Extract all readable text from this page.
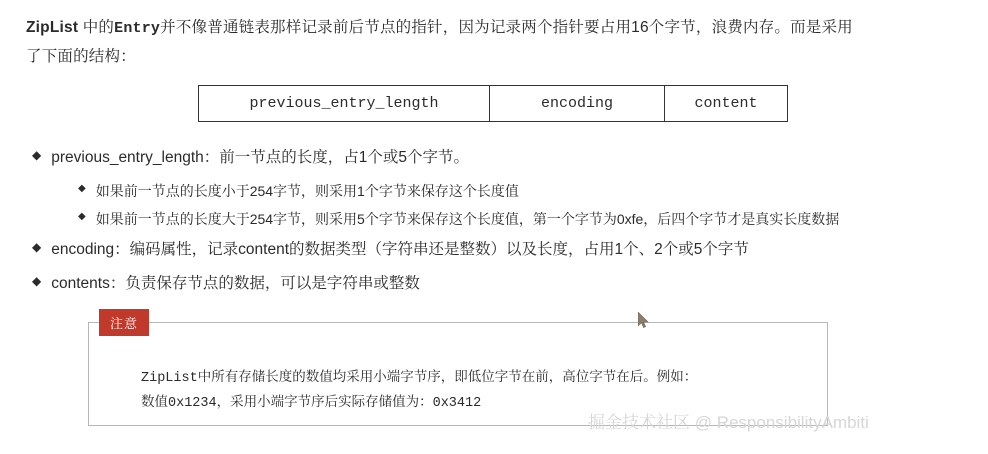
ZipList 中的Entry并不像普通链表那样记录前后节点的指针，因为记录两个指针要占用16个字节，浪费内存。而是采用
了下面的结构：
previous_entry_length	encoding	content
◆ previous_entry_length：前一节点的长度，占1个或5个字节。
◆ 如果前一节点的长度小于254字节，则采用1个字节来保存这个长度值
◆ 如果前一节点的长度大于254字节，则采用5个字节来保存这个长度值，第一个字节为0xfe，后四个字节才是真实长度数据
◆ encoding：编码属性，记录content的数据类型（字符串还是整数）以及长度，占用1个、2个或5个字节
◆ contents：负责保存节点的数据，可以是字符串或整数
注意
ZipList中所有存储长度的数值均采用小端字节序，即低位字节在前，高位字节在后。例如：
数值0x1234，采用小端字节序后实际存储值为：0x3412
掘金技术社区 @ ResponsibilityAmbiti
